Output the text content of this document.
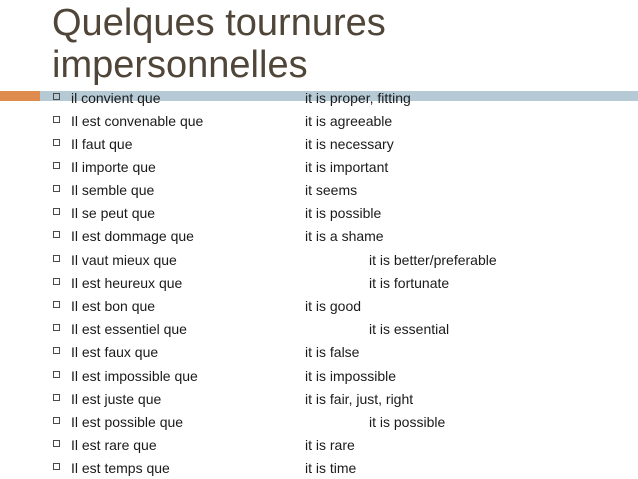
Quelques tournures
impersonnelles
il convient que	it is proper, fitting
Il est convenable que	it is agreeable
Il faut que	it is necessary
Il importe que	it is important
Il semble que	it seems
Il se peut que	it is possible
Il est dommage que	it is a shame
Il vaut mieux que	it is better/preferable
Il est heureux que	it is fortunate
Il est bon que	it is good
Il est essentiel que	it is essential
Il est faux que	it is false
Il est impossible que	it is impossible
Il est juste que	it is fair, just, right
Il est possible que	it is possible
Il est rare que	it is rare
Il est temps que	it is time
